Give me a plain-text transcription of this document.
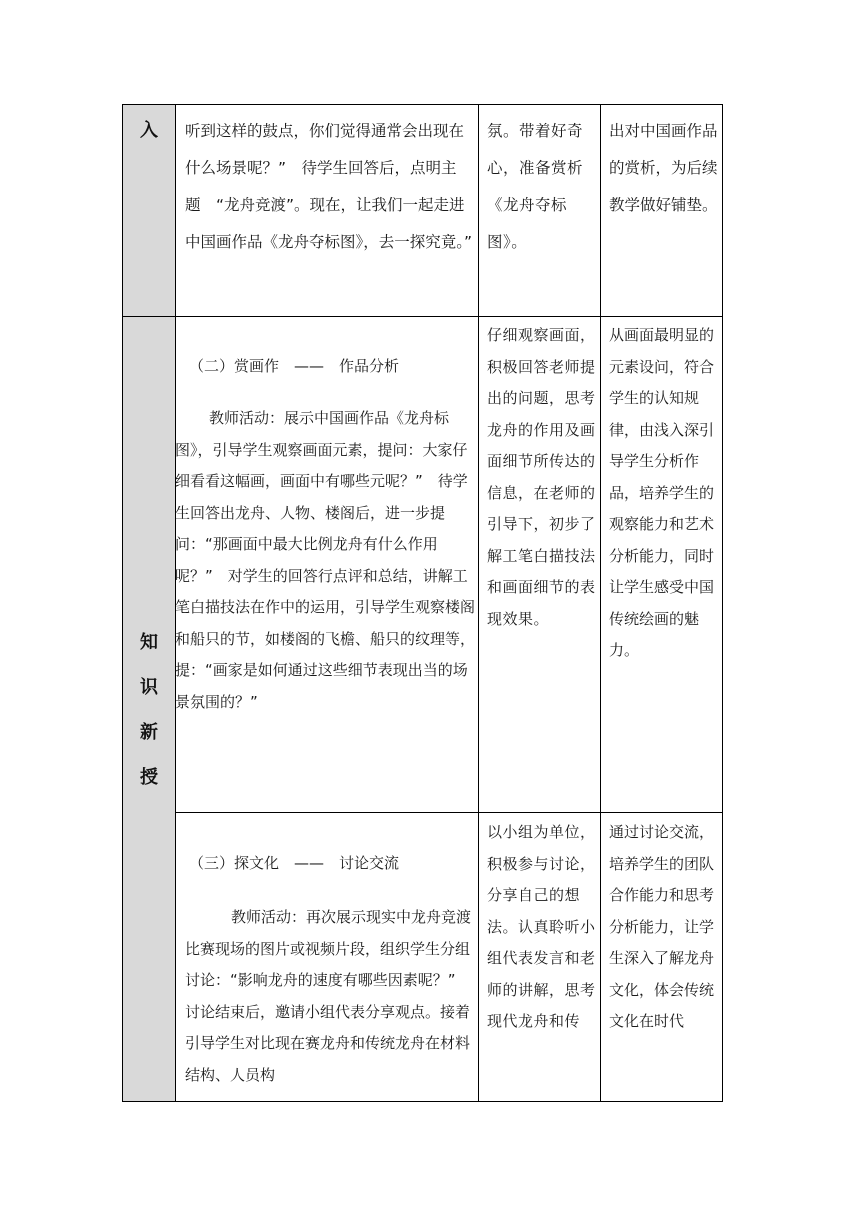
入
知
识
新
授

听到这样的鼓点，你们觉得通常会出现在什么场景呢？”　待学生回答后，点明主题　“龙舟竞渡”。现在，让我们一起走进中国画作品《龙舟夺标图》，去一探究竟。”

氛。带着好奇心，准备赏析《龙舟夺标图》。

出对中国画作品的赏析，为后续教学做好铺垫。

（二）赏画作　——　作品分析

教师活动：展示中国画作品《龙舟标图》，引导学生观察画面元素，提问：大家仔细看看这幅画，画面中有哪些元呢？”　待学生回答出龙舟、人物、楼阁后，进一步提问：“那画面中最大比例龙舟有什么作用呢？”　对学生的回答行点评和总结，讲解工笔白描技法在作中的运用，引导学生观察楼阁和船只的节，如楼阁的飞檐、船只的纹理等，提：“画家是如何通过这些细节表现出当的场景氛围的？”

仔细观察画面，积极回答老师提出的问题，思考龙舟的作用及画面细节所传达的信息，在老师的引导下，初步了解工笔白描技法和画面细节的表现效果。

从画面最明显的元素设问，符合学生的认知规律，由浅入深引导学生分析作品，培养学生的观察能力和艺术分析能力，同时让学生感受中国传统绘画的魅力。

（三）探文化　——　讨论交流

教师活动：再次展示现实中龙舟竞渡比赛现场的图片或视频片段，组织学生分组讨论：“影响龙舟的速度有哪些因素呢？”　讨论结束后，邀请小组代表分享观点。接着引导学生对比现在赛龙舟和传统龙舟在材料结构、人员构

以小组为单位，积极参与讨论，分享自己的想法。认真聆听小组代表发言和老师的讲解，思考现代龙舟和传

通过讨论交流，培养学生的团队合作能力和思考分析能力，让学生深入了解龙舟文化，体会传统文化在时代
